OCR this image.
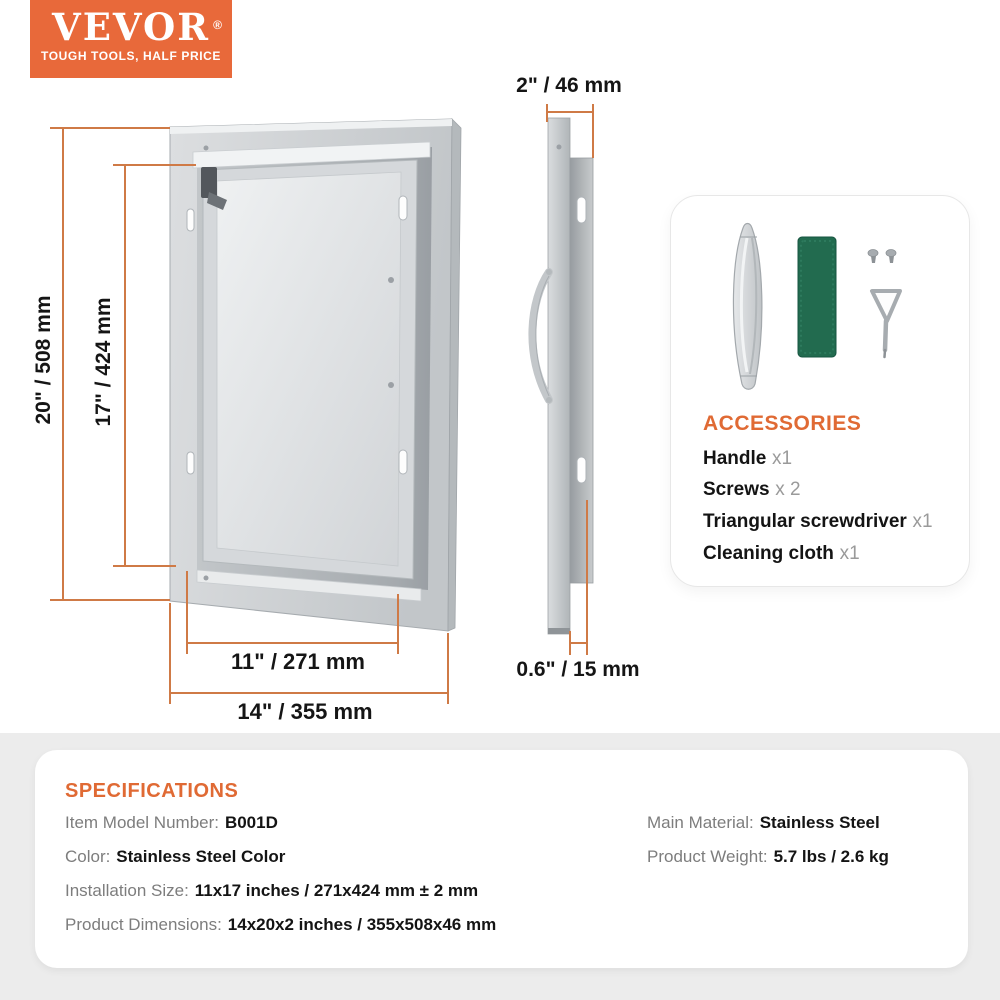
VEVOR ®
TOUGH TOOLS, HALF PRICE
20" / 508 mm 17" / 424 mm
11" / 271 mm
14" / 355 mm
2" / 46 mm
0.6" / 15 mm
ACCESSORIES
Handle x1
Screws x 2
Triangular screwdriver x1
Cleaning cloth x1
SPECIFICATIONS
Item Model Number: B001D
Color: Stainless Steel Color
Installation Size: 11x17 inches / 271x424 mm ± 2 mm
Product Dimensions: 14x20x2 inches / 355x508x46 mm
Main Material: Stainless Steel
Product Weight: 5.7 lbs / 2.6 kg
